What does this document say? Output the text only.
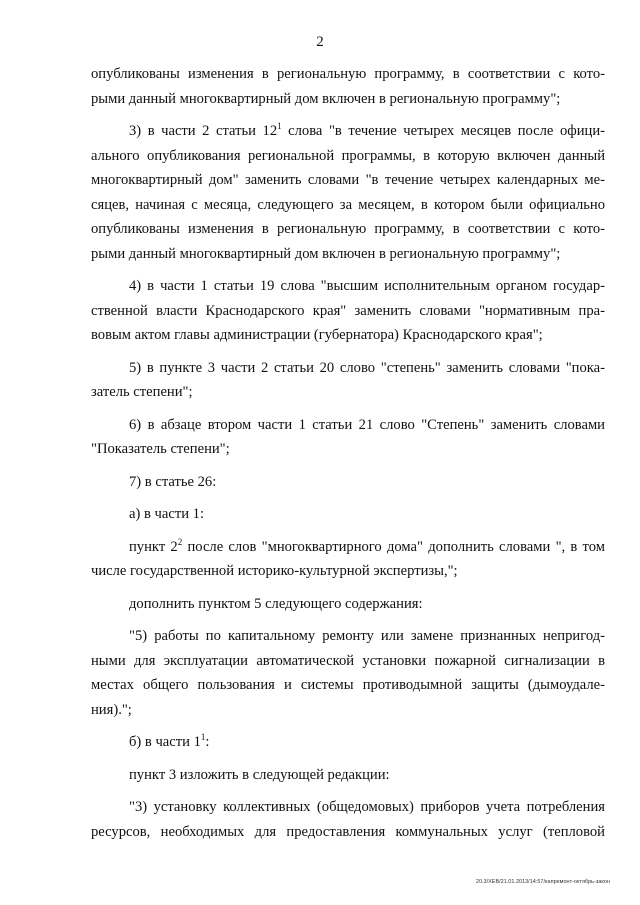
2
опубликованы изменения в региональную программу, в соответствии с кото-
рыми данный многоквартирный дом включен в региональную программу";
3) в части 2 статьи $12^1$ слова "в течение четырех месяцев после офици-
ального опубликования региональной программы, в которую включен данный
многоквартирный дом" заменить словами "в течение четырех календарных ме-
сяцев, начиная с месяца, следующего за месяцем, в котором были официально
опубликованы изменения в региональную программу, в соответствии с кото-
рыми данный многоквартирный дом включен в региональную программу";
4) в части 1 статьи 19 слова "высшим исполнительным органом государ-
ственной власти Краснодарского края" заменить словами "нормативным пра-
вовым актом главы администрации (губернатора) Краснодарского края";
5) в пункте 3 части 2 статьи 20 слово "степень" заменить словами "пока-
затель степени";
6) в абзаце втором части 1 статьи 21 слово "Степень" заменить словами
"Показатель степени";
7) в статье 26:
а) в части 1:
пункт $2^2$ после слов "многоквартирного дома" дополнить словами ", в том
числе государственной историко-культурной экспертизы,";
дополнить пунктом 5 следующего содержания:
"5) работы по капитальному ремонту или замене признанных непригод-
ными для эксплуатации автоматической установки пожарной сигнализации в
местах общего пользования и системы противодымной защиты (дымоудале-
ния).";
б) в части $1^1$:
пункт 3 изложить в следующей редакции:
"3) установку коллективных (общедомовых) приборов учета потребления
ресурсов, необходимых для предоставления коммунальных услуг (тепловой
20.3/ХЕВ/21.01.2013/14:57/капремонт-октябрь-закон
